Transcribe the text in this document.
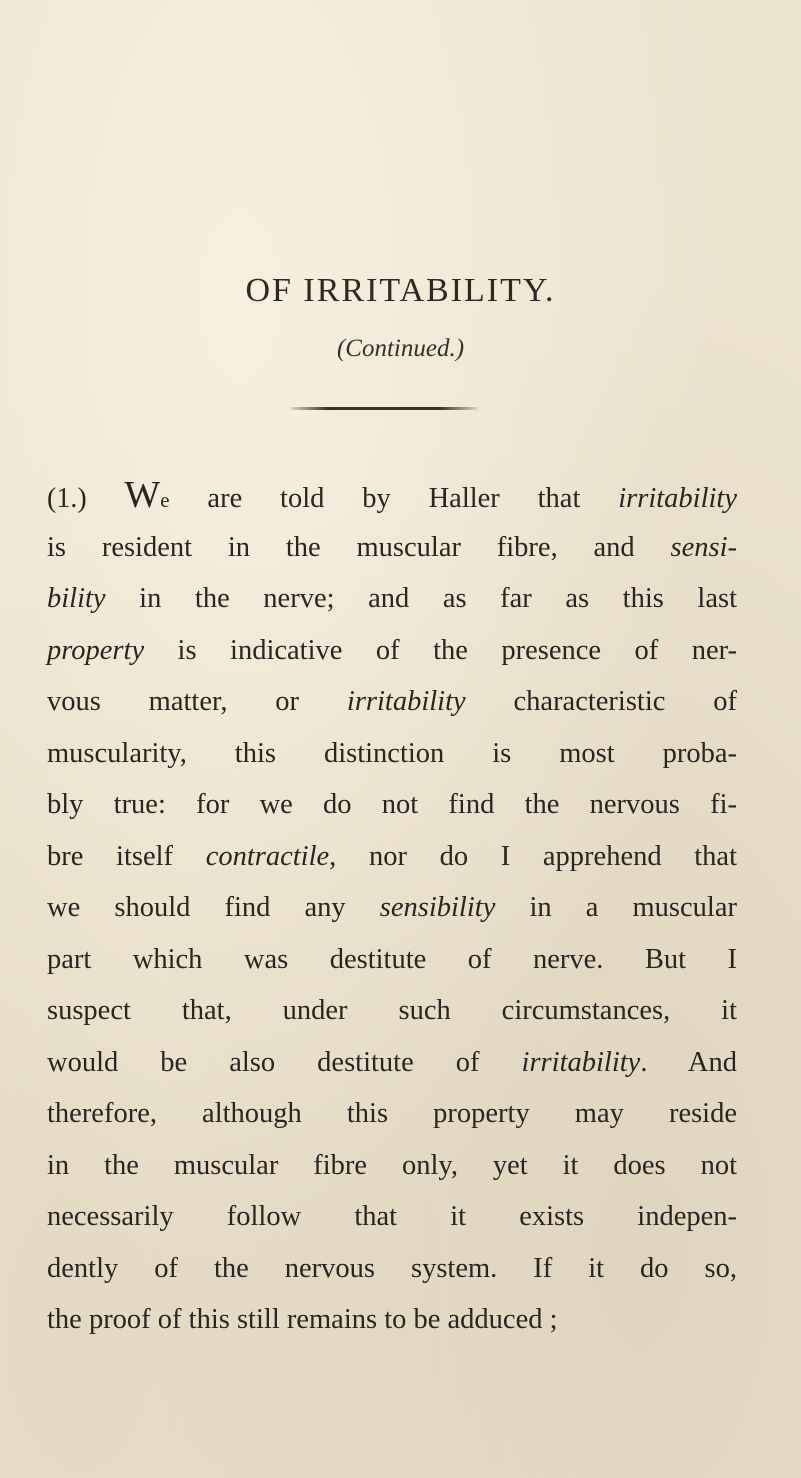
OF IRRITABILITY.
(Continued.)
(1.) We are told by Haller that irritability
is resident in the muscular fibre, and sensi-
bility in the nerve; and as far as this last
property is indicative of the presence of ner-
vous matter, or irritability characteristic of
muscularity, this distinction is most proba-
bly true: for we do not find the nervous fi-
bre itself contractile, nor do I apprehend that
we should find any sensibility in a muscular
part which was destitute of nerve. But I
suspect that, under such circumstances, it
would be also destitute of irritability. And
therefore, although this property may reside
in the muscular fibre only, yet it does not
necessarily follow that it exists indepen-
dently of the nervous system. If it do so,
the proof of this still remains to be adduced ;
